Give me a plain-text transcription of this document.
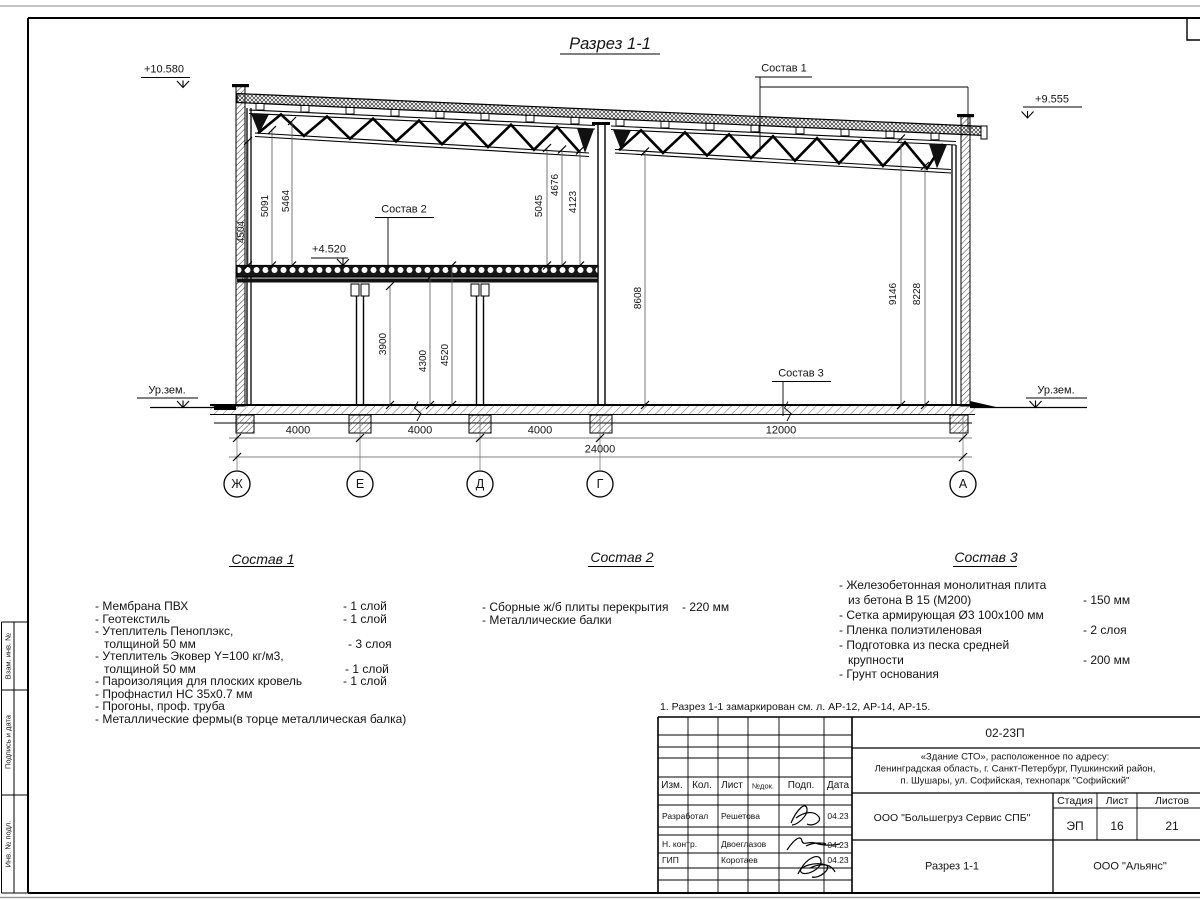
Разрез 1-1
+10.580
+9.555
+4.520
Ур.зем.	Ур.зем.
Состав 1
Состав 2
Состав 3
4504
5091 5464	5045
4676
4123
3900
4300 4520
8608	9146 8228
4000	4000	4000	12000
24000
Ж	Е	Д	Г	А
Состав 1
- Мембрана ПВХ	- 1 слой
- Геотекстиль	- 1 слой
- Утеплитель Пеноплэкс,
толщиной 50 мм	- 3 слоя
- Утеплитель Эковер Y=100 кг/м3,
толщиной 50 мм	- 1 слой
- Пароизоляция для плоских кровель	- 1 слой
- Профнастил НС 35х0.7 мм
- Прогоны, проф. труба
- Металлические фермы(в торце металлическая балка)
Состав 2
- Сборные ж/б плиты перекрытия - 220 мм
- Металлические балки
Состав 3
- Железобетонная монолитная плита
из бетона В 15 (М200)	- 150 мм
- Сетка армирующая Ø3 100х100 мм
- Пленка полиэтиленовая	- 2 слоя
- Подготовка из песка средней
крупности	- 200 мм
- Грунт основания
1. Разрез 1-1 замаркирован см. л. АР-12, АР-14, АР-15.
Изм. Кол. Лист №док. Подп. Дата
Разработал Решетова	04.23
Н. контр.	Двоеглазов	04.23
ГИП	Коротаев	04.23
02-23П
«Здание СТО», расположенное по адресу:
Ленинградская область, г. Санкт-Петербург, Пушкинский район,
п. Шушары, ул. Софийская, технопарк "Софийский"
ООО "Большегруз Сервис СПБ"
Стадия Лист	Листов
ЭП 16	21
Разрез 1-1	ООО "Альянс"
Взам. инв. №
Подпись и дата
Инв. № подл.
